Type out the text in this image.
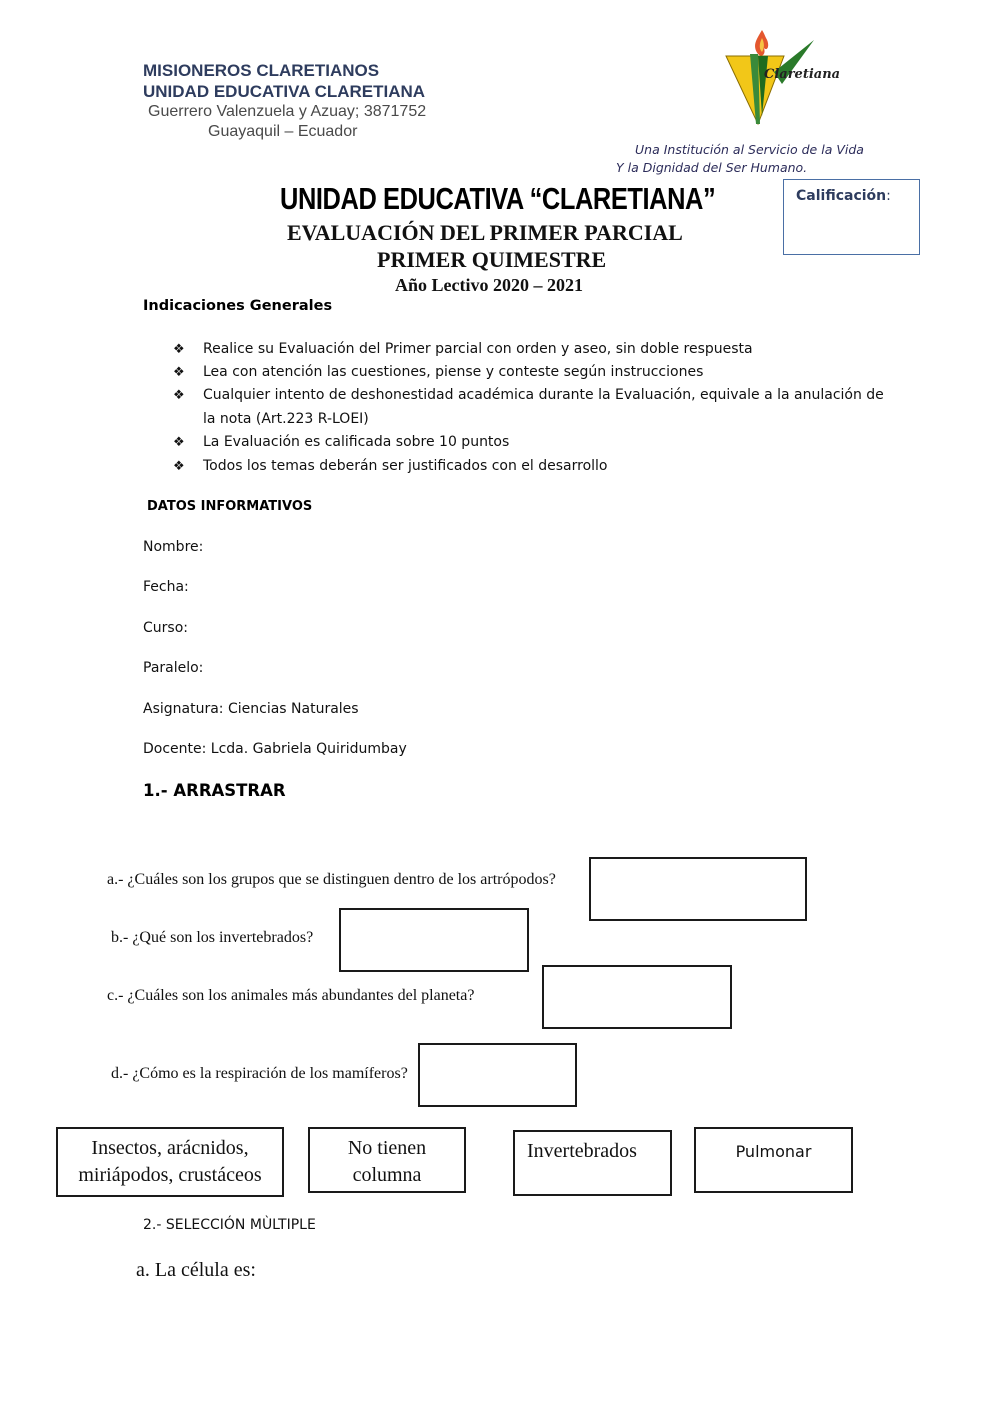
MISIONEROS CLARETIANOS
UNIDAD EDUCATIVA CLARETIANA
Guerrero Valenzuela y Azuay; 3871752
Guayaquil – Ecuador
Claretiana
Una Institución al Servicio de la Vida
Y la Dignidad del Ser Humano.
UNIDAD EDUCATIVA “CLARETIANA”
EVALUACIÓN DEL PRIMER PARCIAL
PRIMER QUIMESTRE
Año Lectivo 2020 – 2021
Calificación:
Indicaciones Generales
❖ Realice su Evaluación del Primer parcial con orden y aseo, sin doble respuesta
❖ Lea con atención las cuestiones, piense y conteste según instrucciones
❖ Cualquier intento de deshonestidad académica durante la Evaluación, equivale a la anulación de
la nota (Art.223 R-LOEI)
❖ La Evaluación es calificada sobre 10 puntos
❖ Todos los temas deberán ser justificados con el desarrollo
DATOS INFORMATIVOS
Nombre:
Fecha:
Curso:
Paralelo:
Asignatura: Ciencias Naturales
Docente: Lcda. Gabriela Quiridumbay
1.- ARRASTRAR
a.- ¿Cuáles son los grupos que se distinguen dentro de los artrópodos?
b.- ¿Qué son los invertebrados?
c.- ¿Cuáles son los animales más abundantes del planeta?
d.- ¿Cómo es la respiración de los mamíferos?
Insectos, arácnidos, miriápodos, crustáceos
No tienen columna
Invertebrados	Pulmonar
2.- SELECCIÓN MÙLTIPLE
a. La célula es:
